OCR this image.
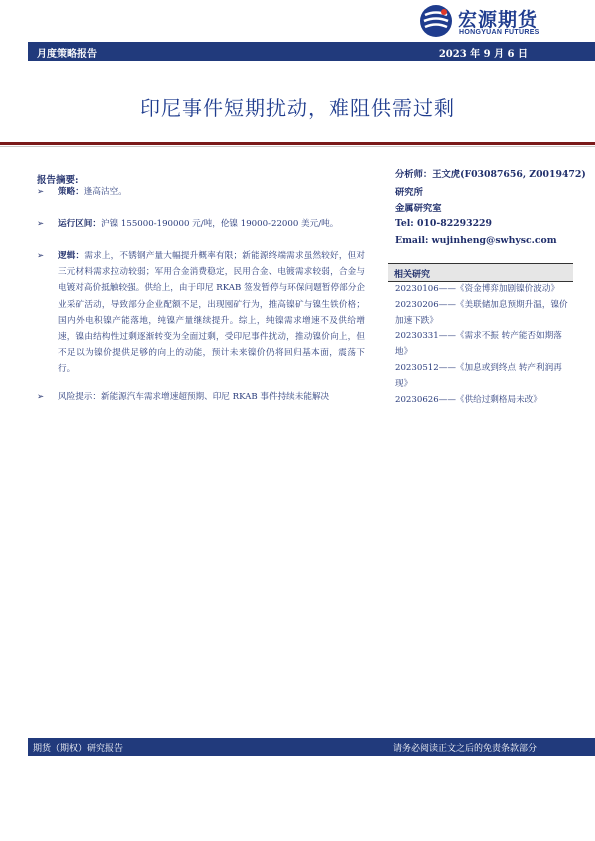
宏源期货
HONGYUAN FUTURES
月度策略报告	2023 年 9 月 6 日
印尼事件短期扰动，难阻供需过剩
报告摘要:
➢ 策略：逢高沽空。
➢ 运行区间：沪镍 155000-190000 元/吨，伦镍 19000-22000 美元/吨。
➢ 逻辑：需求上，不锈钢产量大幅提升概率有限；新能源终端需求虽然较好，但对三元材料需求拉动较弱；军用合金消费稳定，民用合金、电镀需求较弱，合金与电镀对高价抵触较强。供给上，由于印尼 RKAB 签发暂停与环保问题暂停部分企业采矿活动，导致部分企业配额不足，出现囤矿行为，推高镍矿与镍生铁价格；国内外电积镍产能落地，纯镍产量继续提升。综上，纯镍需求增速不及供给增速，镍由结构性过剩逐渐转变为全面过剩，受印尼事件扰动，推动镍价向上，但不足以为镍价提供足够的向上的动能，预计未来镍价仍将回归基本面，震荡下行。
➢ 风险提示：新能源汽车需求增速超预期、印尼 RKAB 事件持续未能解决
分析师：王文虎(F03087656, Z0019472)
研究所
金属研究室
Tel: 010-82293229
Email: wujinheng@swhysc.com
相关研究
20230106——《资金博弈加剧镍价波动》
20230206——《美联储加息预期升温，镍价加速下跌》
20230331——《需求不振 转产能否如期落地》
20230512——《加息或到终点 转产利润再现》
20230626——《供给过剩格局未改》
期货（期权）研究报告	请务必阅读正文之后的免责条款部分
